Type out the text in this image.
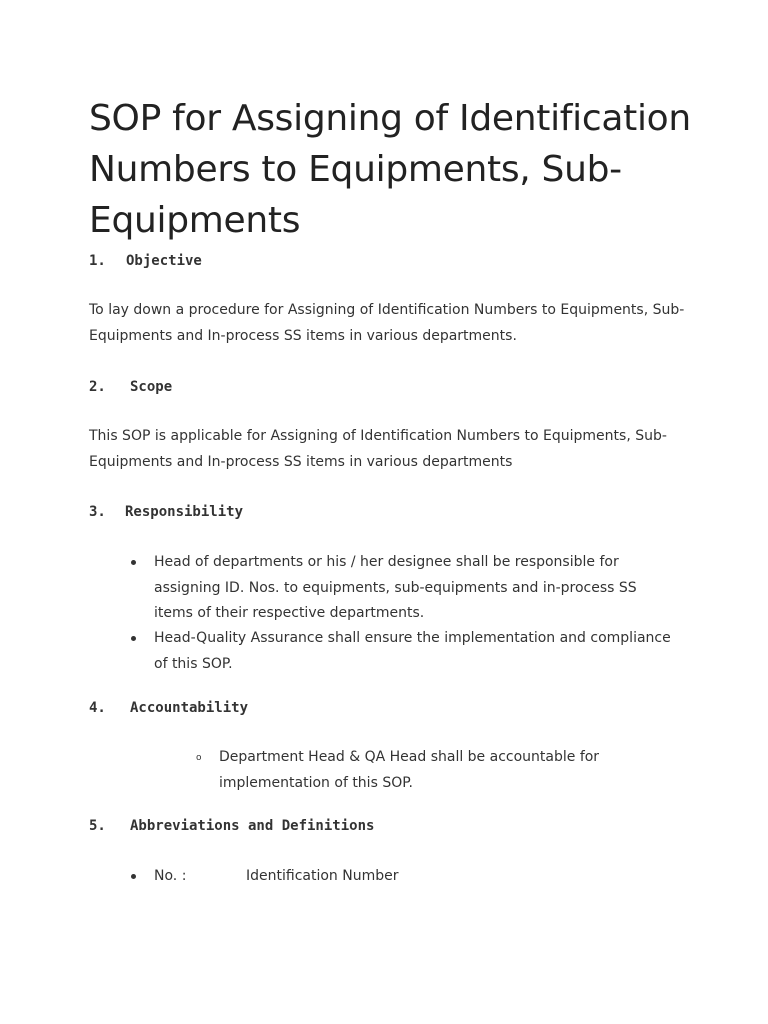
SOP for Assigning of Identification Numbers to Equipments, Sub-Equipments
1. Objective

To lay down a procedure for Assigning of Identification Numbers to Equipments, Sub-Equipments and In-process SS items in various departments.

2. Scope

This SOP is applicable for Assigning of Identification Numbers to Equipments, Sub-Equipments and In-process SS items in various departments

3. Responsibility
Head of departments or his / her designee shall be responsible for assigning ID. Nos. to equipments, sub-equipments and in-process SS items of their respective departments.
Head-Quality Assurance shall ensure the implementation and compliance of this SOP.
4. Accountability
o Department Head & QA Head shall be accountable for implementation of this SOP.
5. Abbreviations and Definitions
No. :	Identification Number
